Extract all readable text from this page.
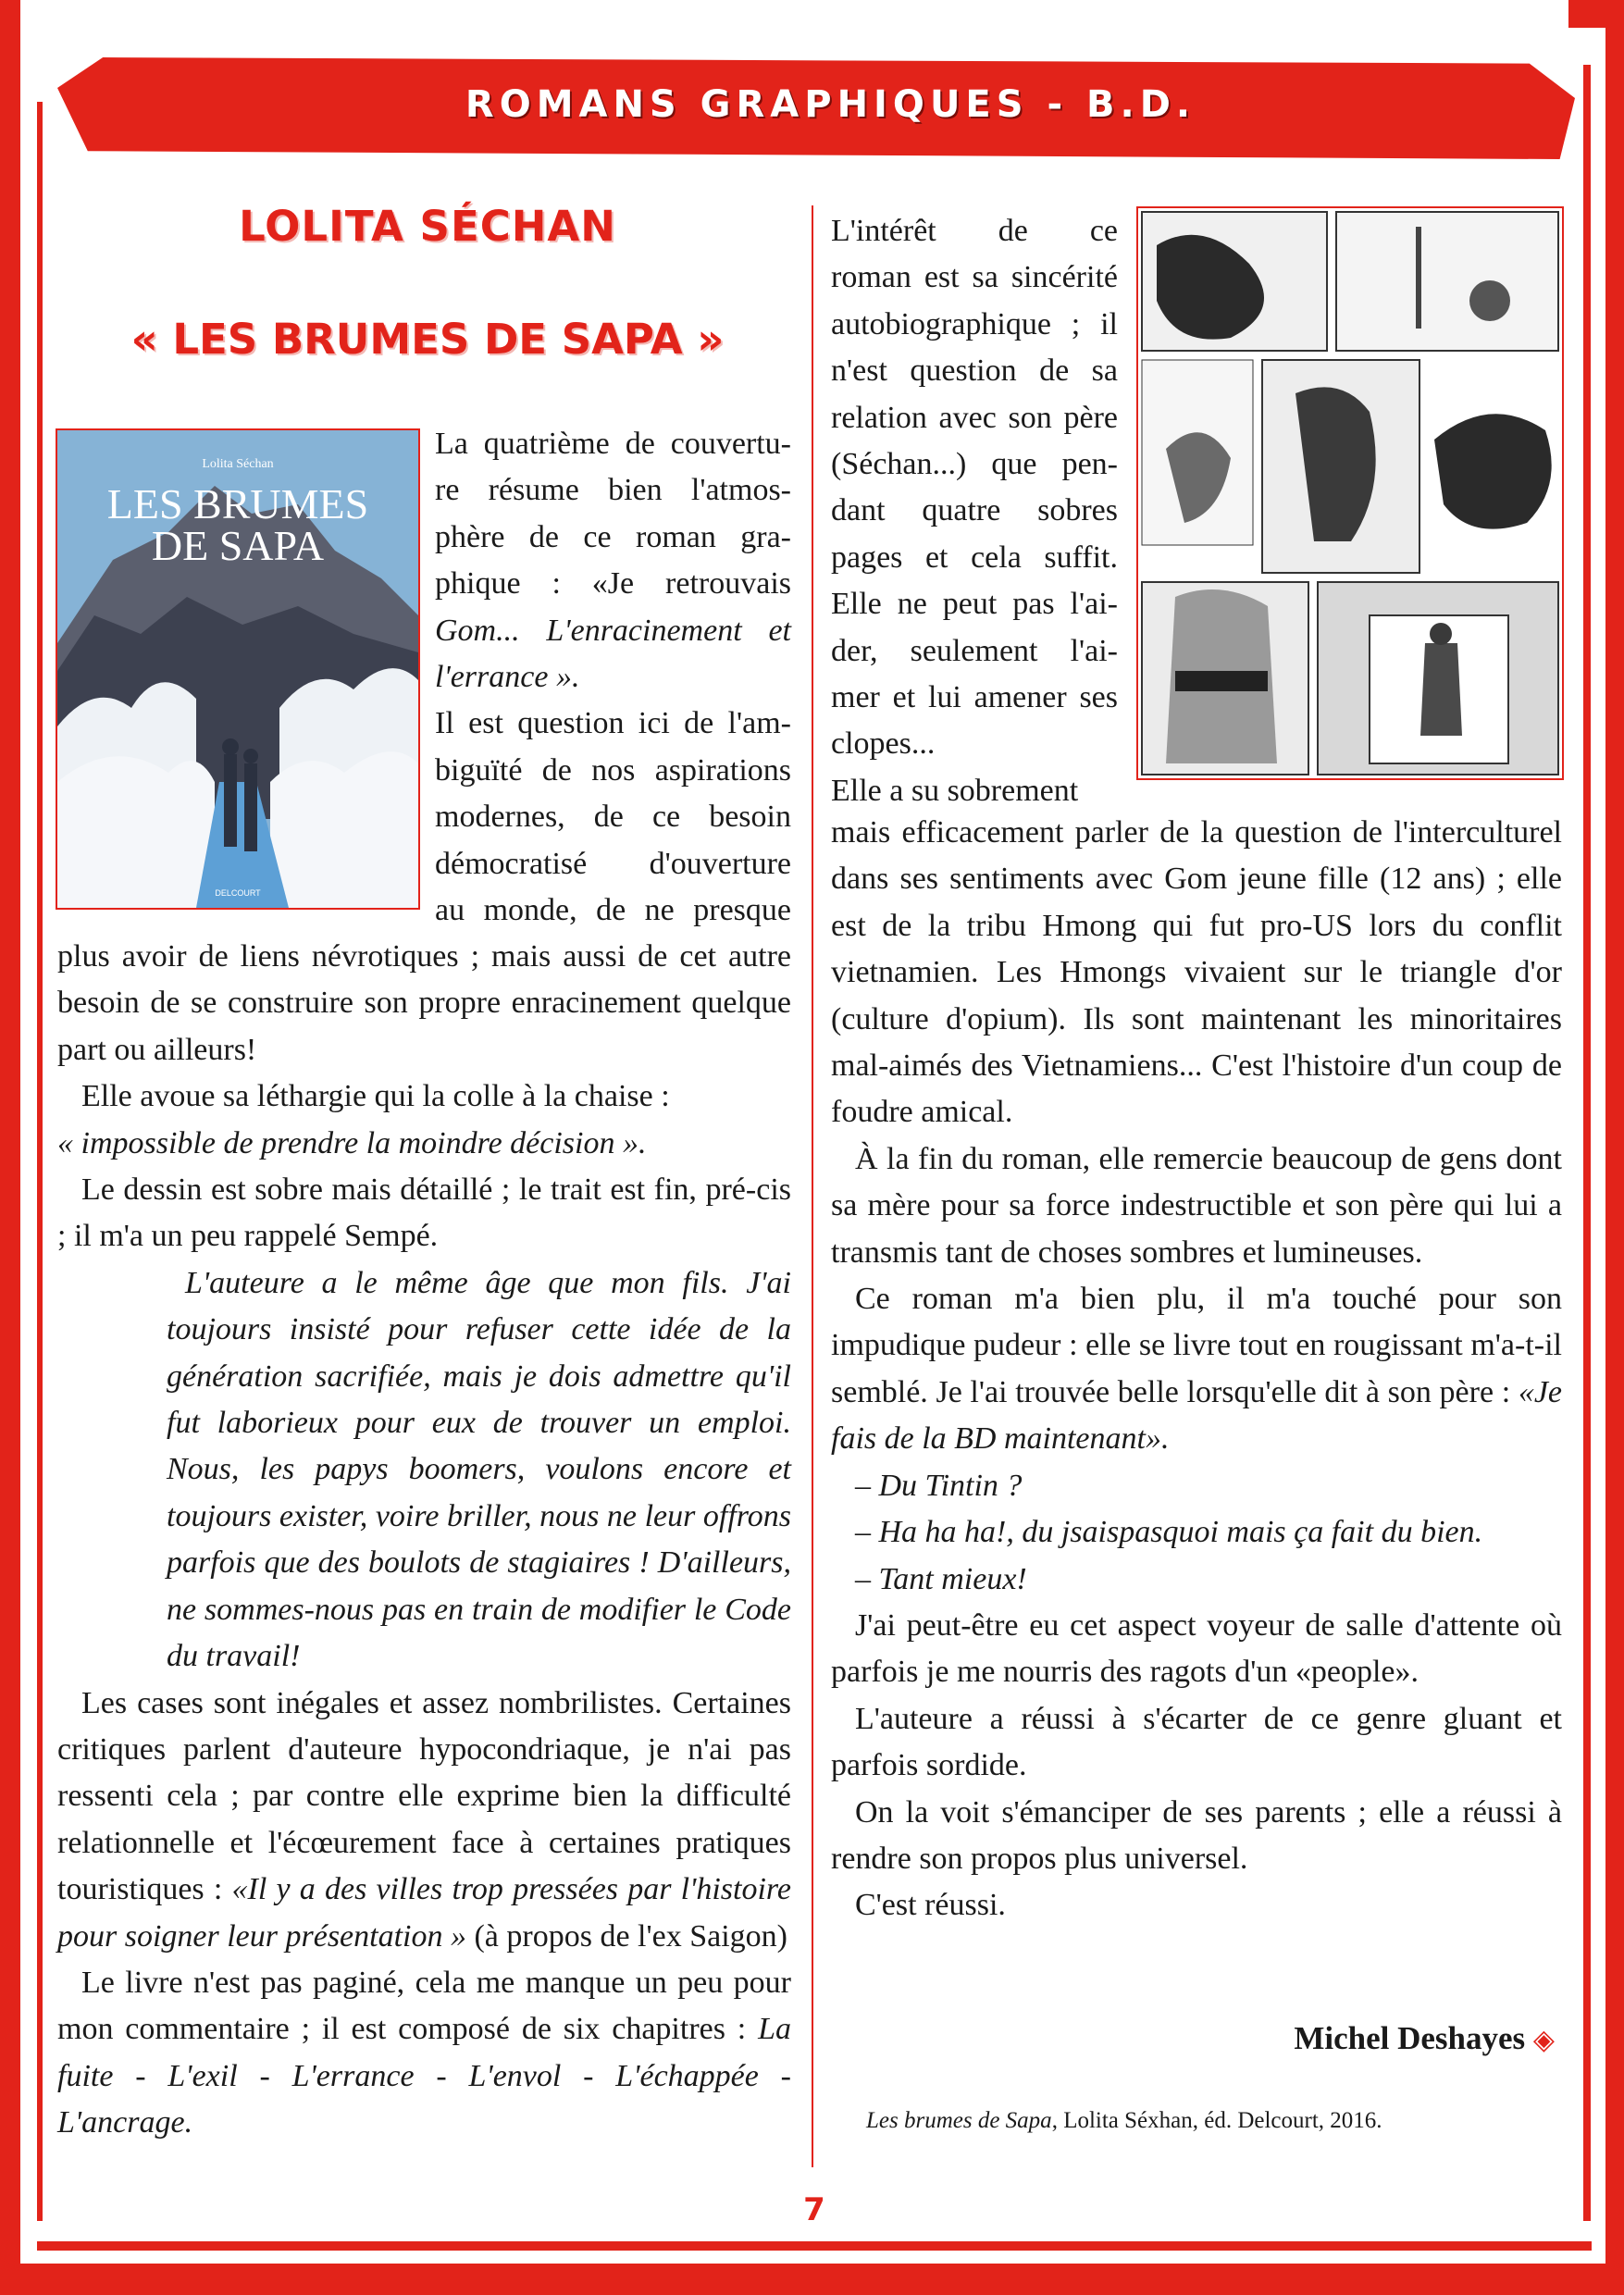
ROMANS GRAPHIQUES - B.D.
LOLITA SÉCHAN
« LES BRUMES DE SAPA »
Lolita Séchan
LES BRUMES
DE SAPA
DELCOURT
La quatrième de couvertu-
re résume bien l'atmos-
phère de ce roman gra-
phique : «Je retrouvais
Gom... L'enracinement et
l'errance ».
Il est question ici de l'am-
biguïté de nos aspirations
modernes, de ce besoin
démocratisé d'ouverture
au monde, de ne presque

plus avoir de liens névrotiques ; mais aussi de cet autre besoin de se construire son propre enracinement quelque part ou ailleurs!

Elle avoue sa léthargie qui la colle à la chaise :

« impossible de prendre la moindre décision ».

Le dessin est sobre mais détaillé ; le trait est fin, pré-cis ; il m'a un peu rappelé Sempé.

L'auteure a le même âge que mon fils. J'ai toujours insisté pour refuser cette idée de la génération sacrifiée, mais je dois admettre qu'il fut laborieux pour eux de trouver un emploi. Nous, les papys boomers, voulons encore et toujours exister, voire briller, nous ne leur offrons parfois que des boulots de stagiaires ! D'ailleurs, ne sommes-nous pas en train de modifier le Code du travail!

Les cases sont inégales et assez nombrilistes. Certaines critiques parlent d'auteure hypocondriaque, je n'ai pas ressenti cela ; par contre elle exprime bien la difficulté relationnelle et l'écœurement face à certaines pratiques touristiques : «Il y a des villes trop pressées par l'histoire pour soigner leur présentation » (à propos de l'ex Saigon)

Le livre n'est pas paginé, cela me manque un peu pour mon commentaire ; il est composé de six chapitres : La fuite - L'exil - L'errance - L'envol - L'échappée - L'ancrage.

L'intérêt de ce
roman est sa sincérité
autobiographique ; il
n'est question de sa
relation avec son père
(Séchan...) que pen-
dant quatre sobres
pages et cela suffit.
Elle ne peut pas l'ai-
der, seulement l'ai-
mer et lui amener ses
clopes...
Elle a su sobrement

mais efficacement parler de la question de l'interculturel dans ses sentiments avec Gom jeune fille (12 ans) ; elle est de la tribu Hmong qui fut pro-US lors du conflit vietnamien. Les Hmongs vivaient sur le triangle d'or (culture d'opium). Ils sont maintenant les minoritaires mal-aimés des Vietnamiens... C'est l'histoire d'un coup de foudre amical.

À la fin du roman, elle remercie beaucoup de gens dont sa mère pour sa force indestructible et son père qui lui a transmis tant de choses sombres et lumineuses.

Ce roman m'a bien plu, il m'a touché pour son impudique pudeur : elle se livre tout en rougissant m'a-t-il semblé. Je l'ai trouvée belle lorsqu'elle dit à son père : «Je fais de la BD maintenant».

– Du Tintin ?

– Ha ha ha!, du jsaispasquoi mais ça fait du bien.

– Tant mieux!

J'ai peut-être eu cet aspect voyeur de salle d'attente où parfois je me nourris des ragots d'un «people».

L'auteure a réussi à s'écarter de ce genre gluant et parfois sordide.

On la voit s'émanciper de ses parents ; elle a réussi à rendre son propos plus universel.

C'est réussi.

Michel Deshayes ◈
Les brumes de Sapa, Lolita Séxhan, éd. Delcourt, 2016.
7
